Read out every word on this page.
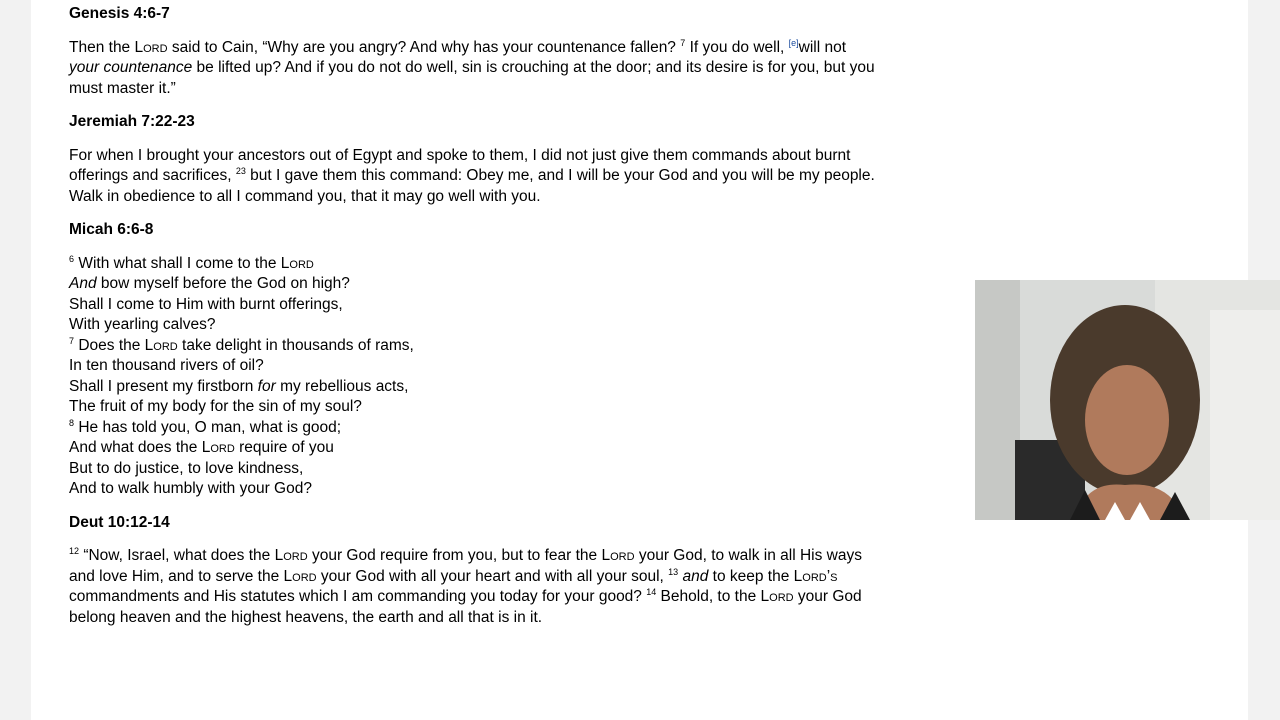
Genesis 4:6-7
Then the Lord said to Cain, “Why are you angry? And why has your countenance fallen? $^7$ If you do well, [e]will not
your countenance be lifted up? And if you do not do well, sin is crouching at the door; and its desire is for you, but you
must master it.”
Jeremiah 7:22-23
For when I brought your ancestors out of Egypt and spoke to them, I did not just give them commands about burnt
offerings and sacrifices, $^{23}$ but I gave them this command: Obey me, and I will be your God and you will be my people.
Walk in obedience to all I command you, that it may go well with you.
Micah 6:6-8
$^6$ With what shall I come to the Lord
And bow myself before the God on high?
Shall I come to Him with burnt offerings,
With yearling calves?
$^7$ Does the Lord take delight in thousands of rams,
In ten thousand rivers of oil?
Shall I present my firstborn for my rebellious acts,
The fruit of my body for the sin of my soul?
$^8$ He has told you, O man, what is good;
And what does the Lord require of you
But to do justice, to love kindness,
And to walk humbly with your God?
Deut 10:12-14
$^{12}$ “Now, Israel, what does the Lord your God require from you, but to fear the Lord your God, to walk in all His ways
and love Him, and to serve the Lord your God with all your heart and with all your soul, $^{13}$ and to keep the Lord’s
commandments and His statutes which I am commanding you today for your good? $^{14}$ Behold, to the Lord your God
belong heaven and the highest heavens, the earth and all that is in it.
